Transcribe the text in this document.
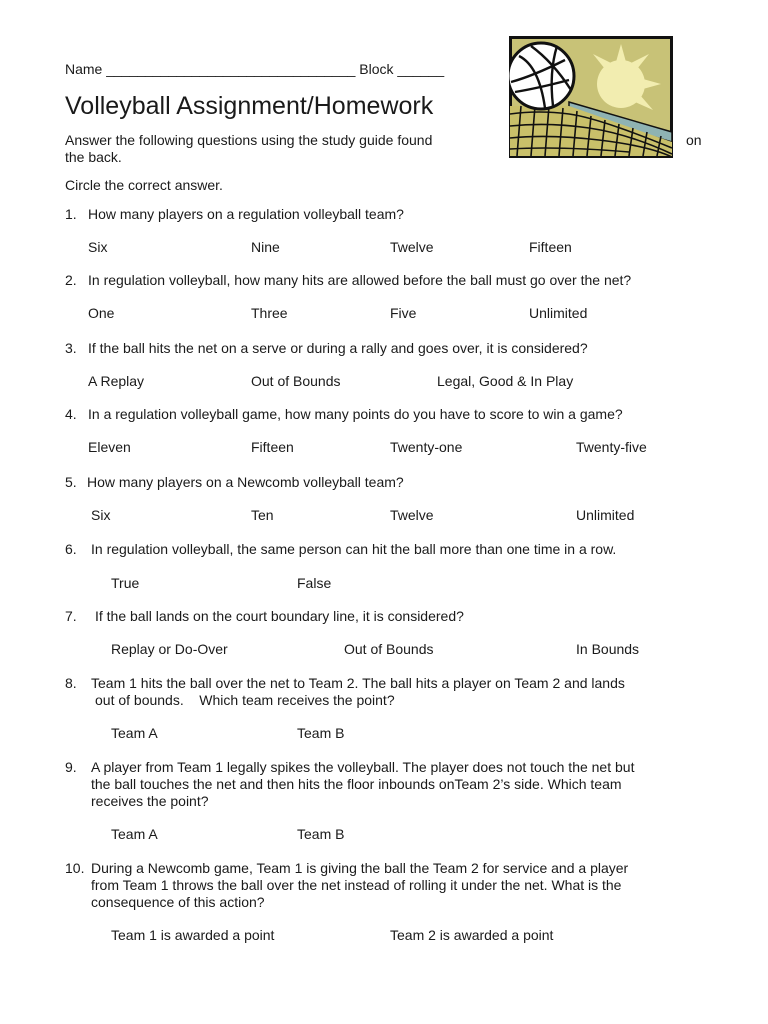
Name ________________________________ Block ______
Volleyball Assignment/Homework
Answer the following questions using the study guide found	on
the back.
Circle the correct answer.
1. How many players on a regulation volleyball team?
Six	Nine	Twelve	Fifteen
2. In regulation volleyball, how many hits are allowed before the ball must go over the net?
One	Three	Five	Unlimited
3. If the ball hits the net on a serve or during a rally and goes over, it is considered?
A Replay	Out of Bounds	Legal, Good & In Play
4. In a regulation volleyball game, how many points do you have to score to win a game?
Eleven	Fifteen	Twenty-one	Twenty-five
5. How many players on a Newcomb volleyball team?
Six	Ten	Twelve	Unlimited
6. In regulation volleyball, the same person can hit the ball more than one time in a row.
True	False
7. If the ball lands on the court boundary line, it is considered?
Replay or Do-Over	Out of Bounds	In Bounds
8. Team 1 hits the ball over the net to Team 2. The ball hits a player on Team 2 and lands
out of bounds.    Which team receives the point?
Team A	Team B
9. A player from Team 1 legally spikes the volleyball. The player does not touch the net but
the ball touches the net and then hits the floor inbounds onTeam 2’s side. Which team
receives the point?
Team A	Team B
10. During a Newcomb game, Team 1 is giving the ball the Team 2 for service and a player
from Team 1 throws the ball over the net instead of rolling it under the net. What is the
consequence of this action?
Team 1 is awarded a point	Team 2 is awarded a point
